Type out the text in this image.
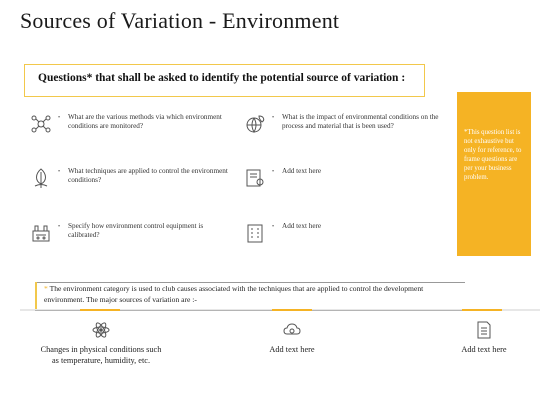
Sources of Variation - Environment
Questions* that shall be asked to identify the potential source of variation :
• What are the various methods via which environment conditions are monitored?
• What techniques are applied to control the environment conditions?
• Specify how environment control equipment is calibrated?
• What is the impact of environmental conditions on the process and material that is been used?
• Add text here
• Add text here
*This question list is not exhaustive but only for reference, to frame questions are per your business problem.
* The environment category is used to club causes associated with the techniques that are applied to control the development environment. The major sources of variation are :-
Changes in physical conditions such as temperature, humidity, etc.
Add text here	Add text here
